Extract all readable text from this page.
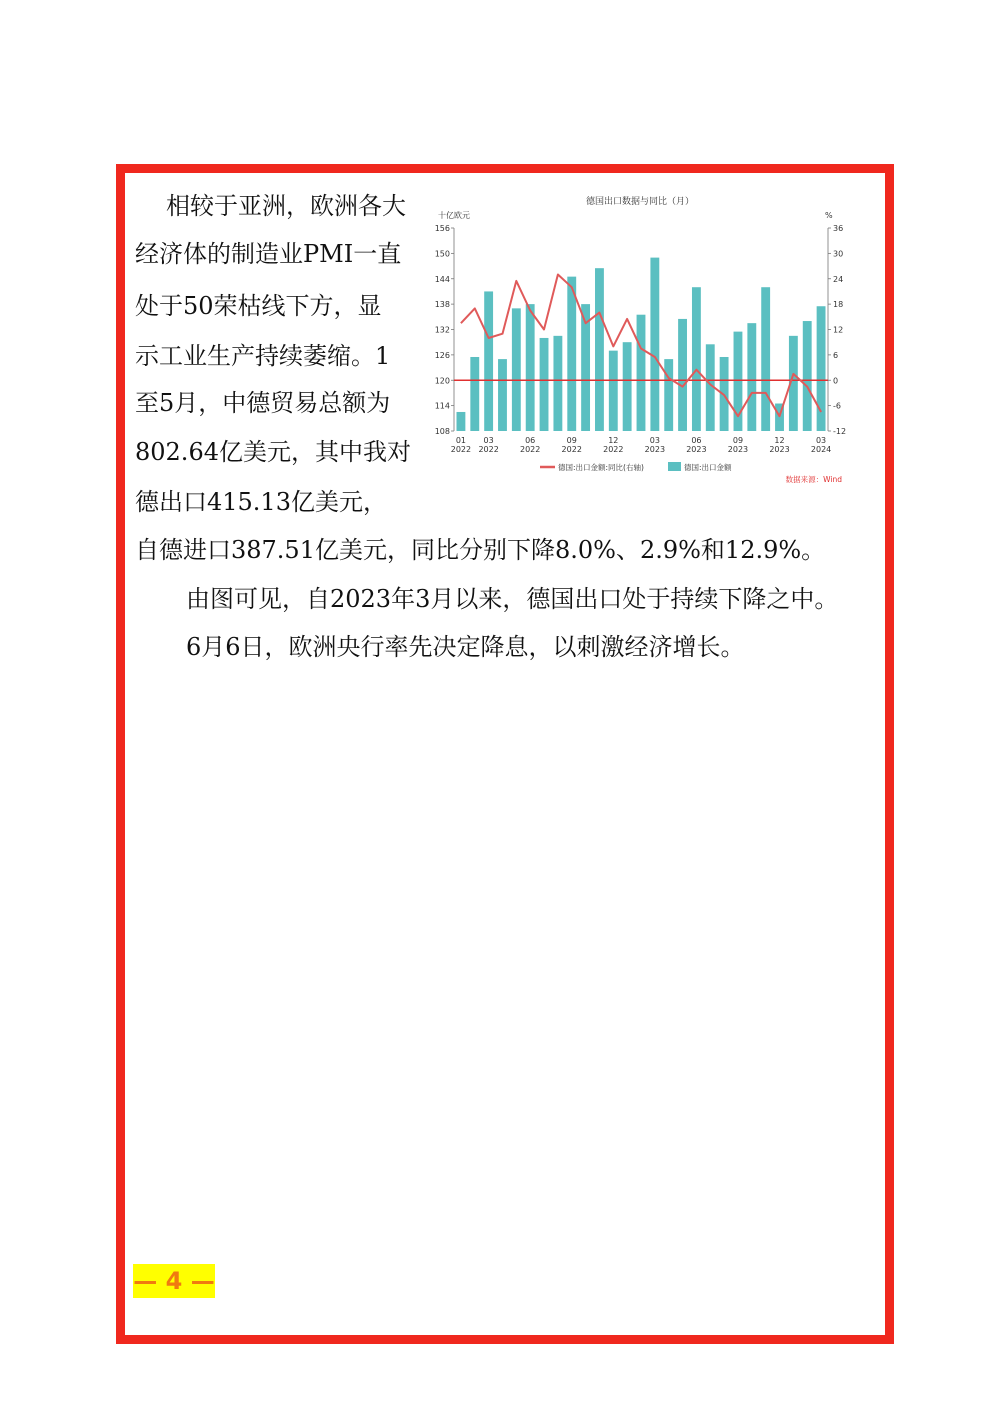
相较于亚洲，欧洲各大

经济体的制造业PMI一直

处于50荣枯线下方，显

示工业生产持续萎缩。1

至5月，中德贸易总额为

802.64亿美元，其中我对

德出口415.13亿美元，

自德进口387.51亿美元，同比分别下降8.0%、2.9%和12.9%。

由图可见，自2023年3月以来，德国出口处于持续下降之中。

6月6日，欧洲央行率先决定降息，以刺激经济增长。

德国出口数据与同比（月）
十亿欧元	%
108
114
120
126
132
138
144
150
156
-12
-6
0
6
12
18
24
30
36
01
2022
03
2022
06
2022
09
2022
12
2022
03
2023
06
2023
09
2023
12
2023
03
2024
德国:出口金额:同比(右轴)	德国:出口金额
数据来源：Wind
— 4 —
